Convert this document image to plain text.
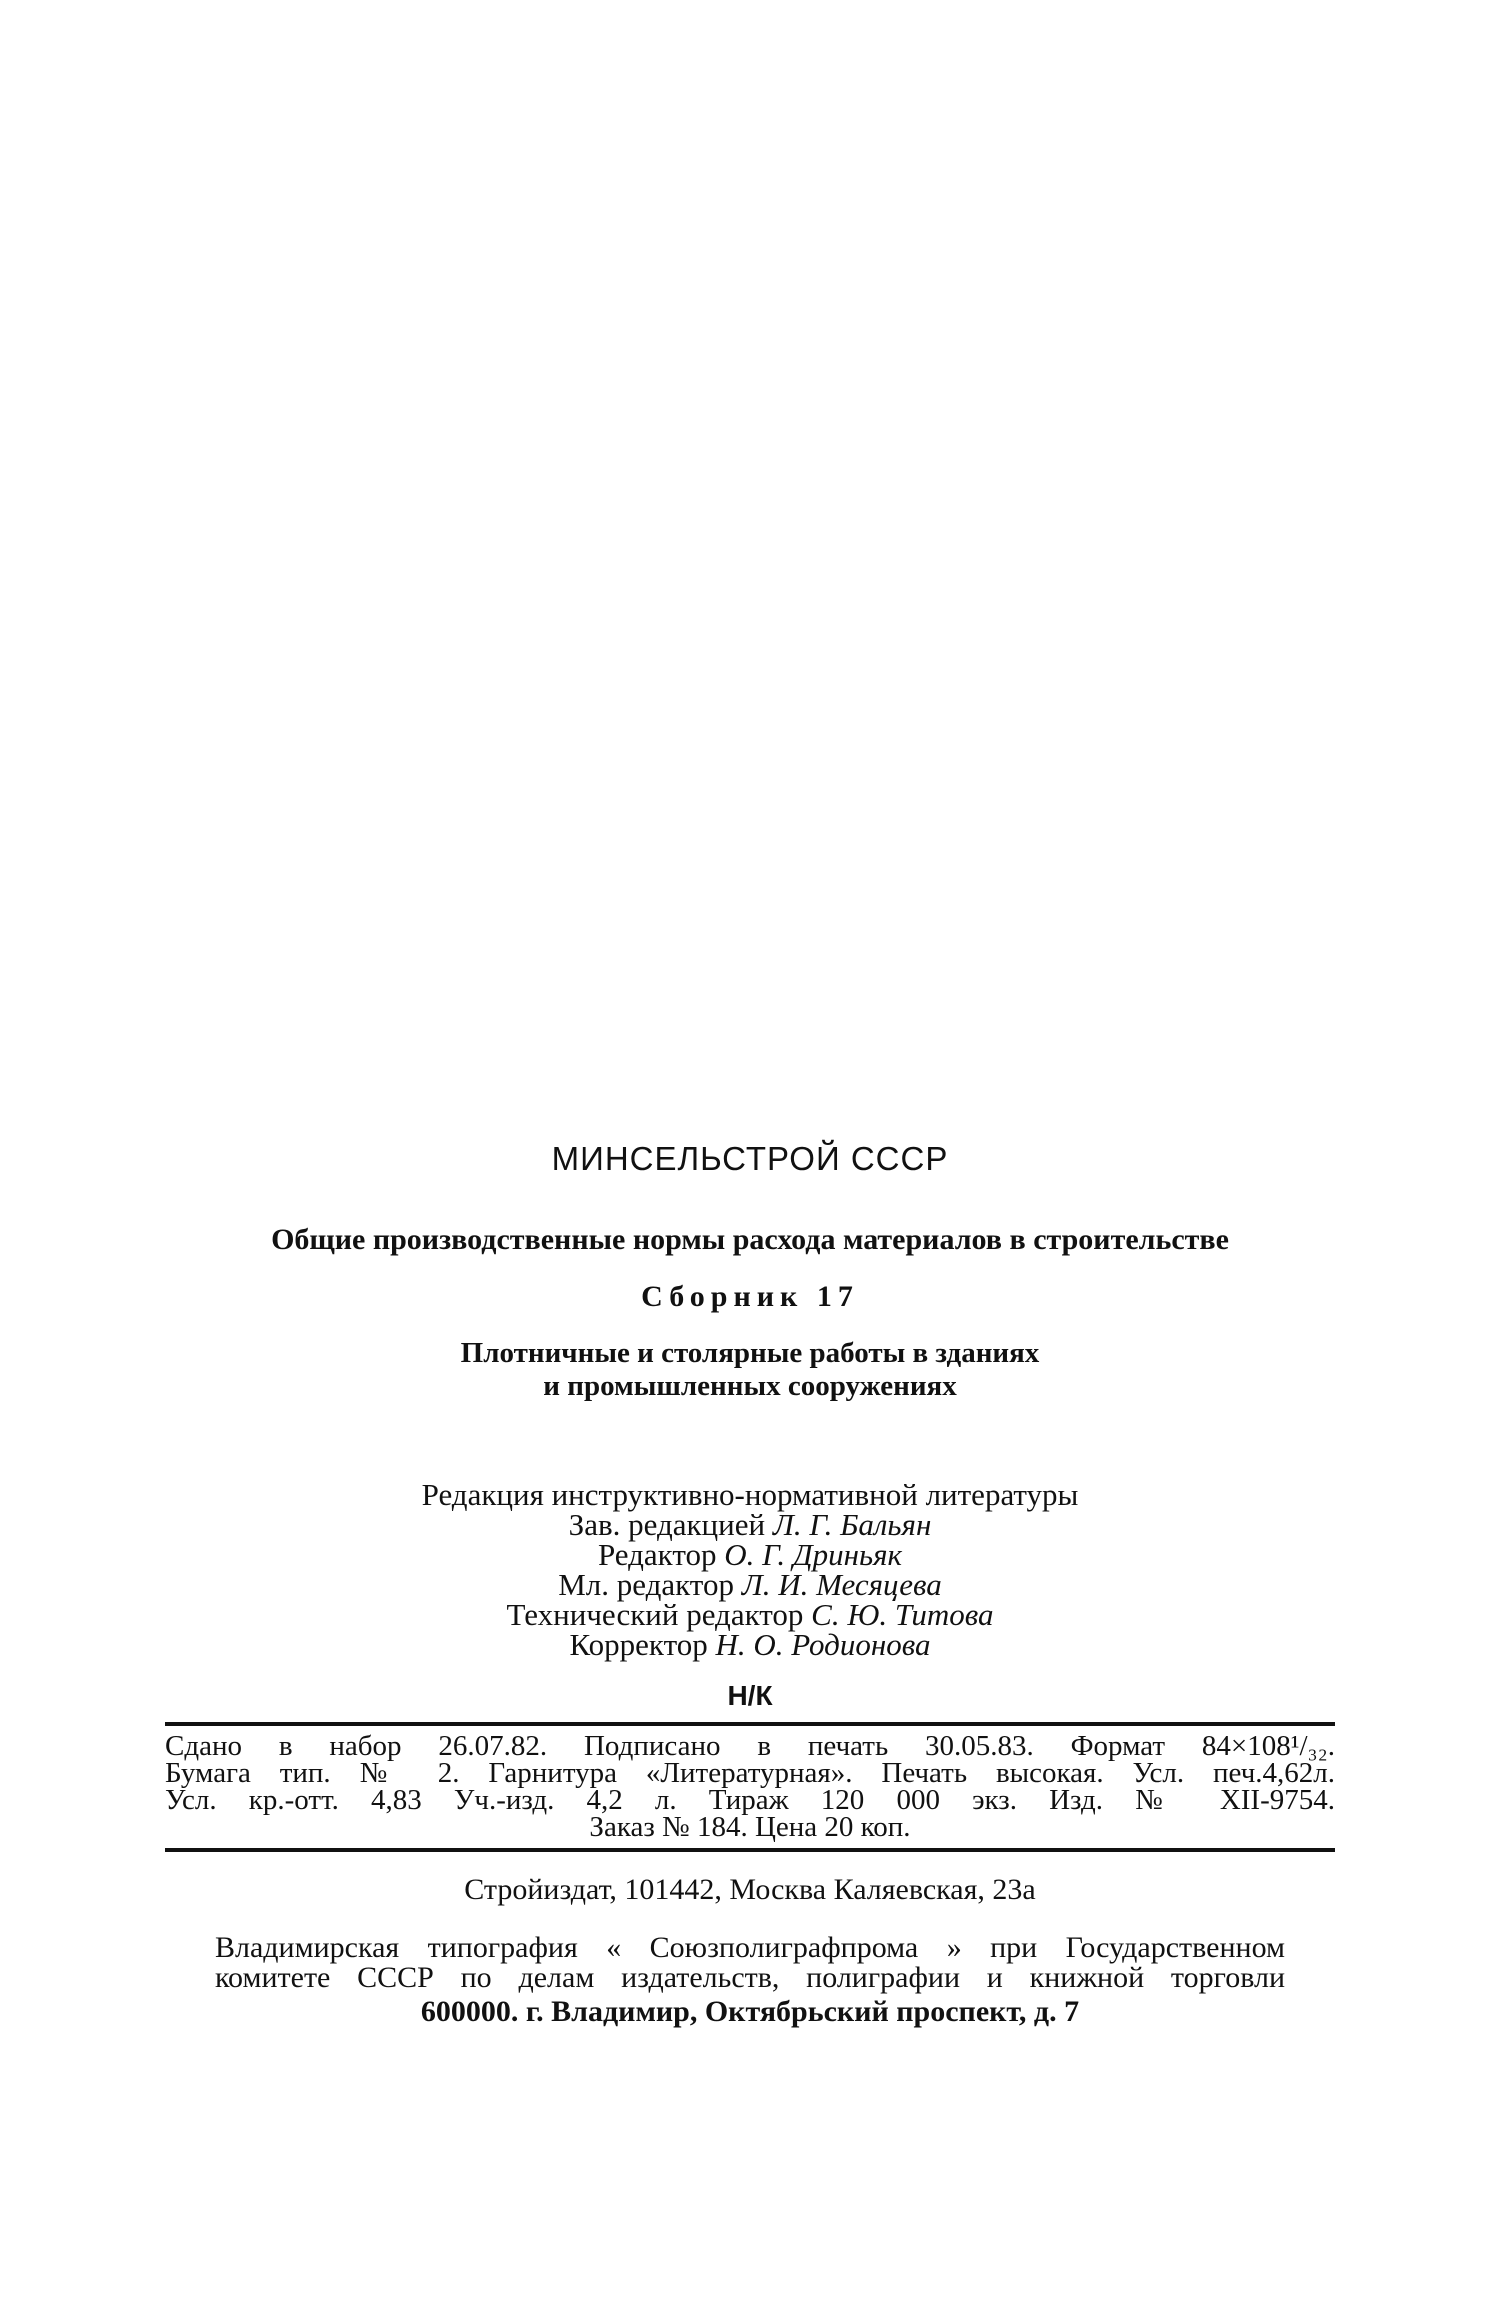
МИНСЕЛЬСТРОЙ СССР

Общие производственные нормы расхода материалов в строительстве

Сборник 17

Плотничные и столярные работы в зданиях
и промышленных сооружениях
Редакция инструктивно-нормативной литературы
Зав. редакцией Л. Г. Бальян
Редактор О. Г. Дриньяк
Мл. редактор Л. И. Месяцева
Технический редактор С. Ю. Титова
Корректор Н. О. Родионова

Н/К

Сдано в набор 26.07.82. Подписано в печать 30.05.83. Формат 84×108¹/₃₂.
Бумага тип. № 2. Гарнитура «Литературная». Печать высокая. Усл. печ.4,62л.
Усл. кр.-отт. 4,83 Уч.-изд. 4,2 л. Тираж 120 000 экз. Изд. № XII-9754.
Заказ № 184. Цена 20 коп.

Стройиздат, 101442, Москва Каляевская, 23а

Владимирская типография « Союзполиграфпрома » при Государственном
комитете СССР по делам издательств, полиграфии и книжной торговли

600000. г. Владимир, Октябрьский проспект, д. 7
